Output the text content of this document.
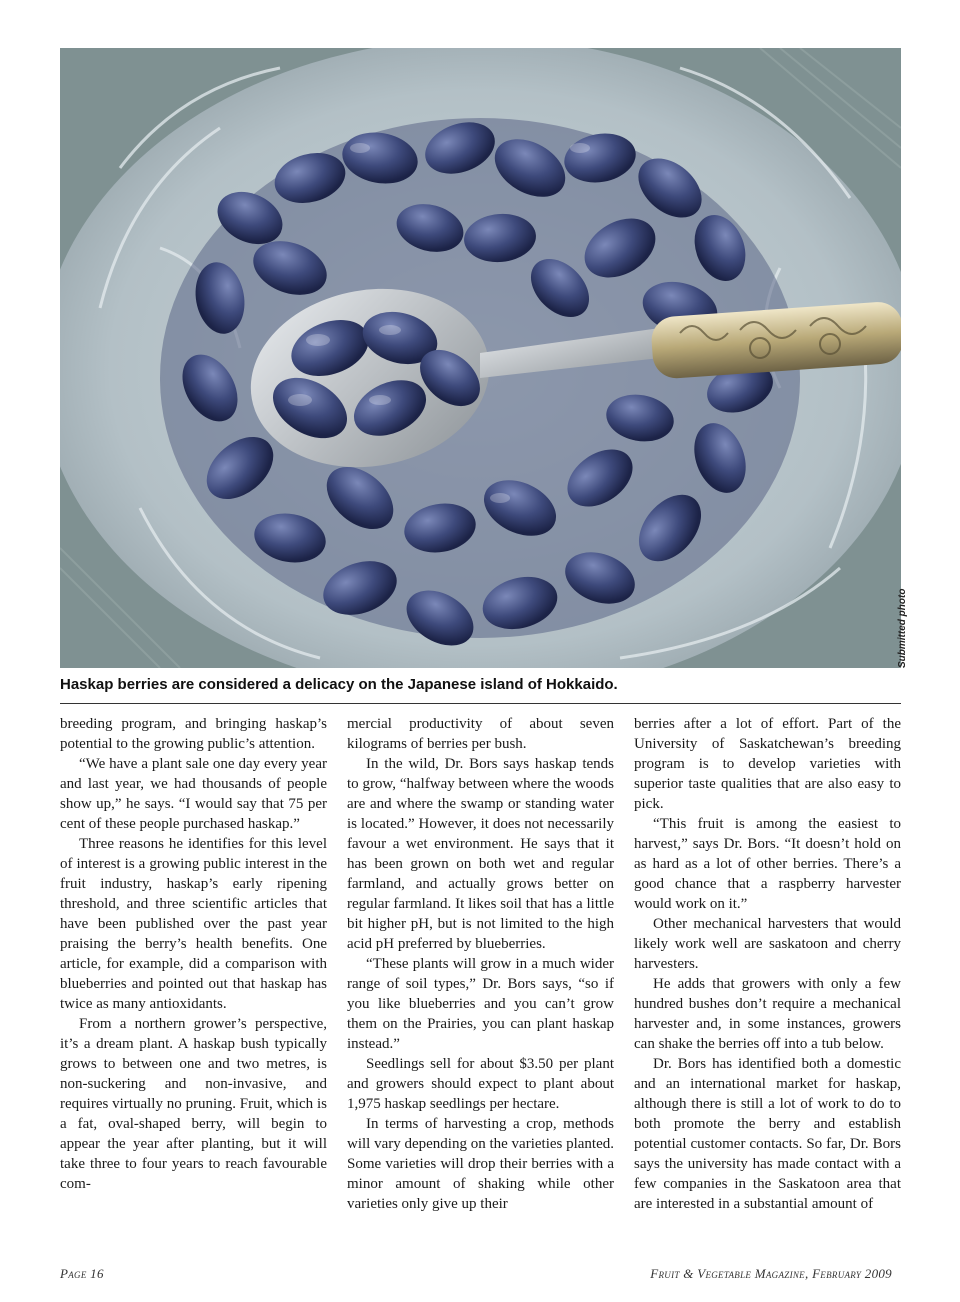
Submitted photo
Haskap berries are considered a delicacy on the Japanese island of Hokkaido.

breeding program, and bringing haskap’s potential to the growing public’s attention.

“We have a plant sale one day every year and last year, we had thousands of people show up,” he says. “I would say that 75 per cent of these people purchased haskap.”

Three reasons he identifies for this level of interest is a growing public interest in the fruit industry, haskap’s early ripening threshold, and three scientific articles that have been published over the past year praising the berry’s health benefits. One article, for example, did a comparison with blueberries and pointed out that haskap has twice as many antioxidants.

From a northern grower’s perspective, it’s a dream plant. A haskap bush typically grows to between one and two metres, is non-suckering and non-invasive, and requires virtually no pruning. Fruit, which is a fat, oval-shaped berry, will begin to appear the year after planting, but it will take three to four years to reach favourable com-

mercial productivity of about seven kilograms of berries per bush.

In the wild, Dr. Bors says haskap tends to grow, “halfway between where the woods are and where the swamp or standing water is located.” However, it does not necessarily favour a wet environment. He says that it has been grown on both wet and regular farmland, and actually grows better on regular farmland. It likes soil that has a little bit higher pH, but is not limited to the high acid pH preferred by blueberries.

“These plants will grow in a much wider range of soil types,” Dr. Bors says, “so if you like blueberries and you can’t grow them on the Prairies, you can plant haskap instead.”

Seedlings sell for about $3.50 per plant and growers should expect to plant about 1,975 haskap seedlings per hectare.

In terms of harvesting a crop, methods will vary depending on the varieties planted. Some varieties will drop their berries with a minor amount of shaking while other varieties only give up their

berries after a lot of effort. Part of the University of Saskatchewan’s breeding program is to develop varieties with superior taste qualities that are also easy to pick.

“This fruit is among the easiest to harvest,” says Dr. Bors. “It doesn’t hold on as hard as a lot of other berries. There’s a good chance that a raspberry harvester would work on it.”

Other mechanical harvesters that would likely work well are saskatoon and cherry harvesters.

He adds that growers with only a few hundred bushes don’t require a mechanical harvester and, in some instances, growers can shake the berries off into a tub below.

Dr. Bors has identified both a domestic and an international market for haskap, although there is still a lot of work to do to both promote the berry and establish potential customer contacts. So far, Dr. Bors says the university has made contact with a few companies in the Saskatoon area that are interested in a substantial amount of

Page 16	Fruit & Vegetable Magazine, February 2009
